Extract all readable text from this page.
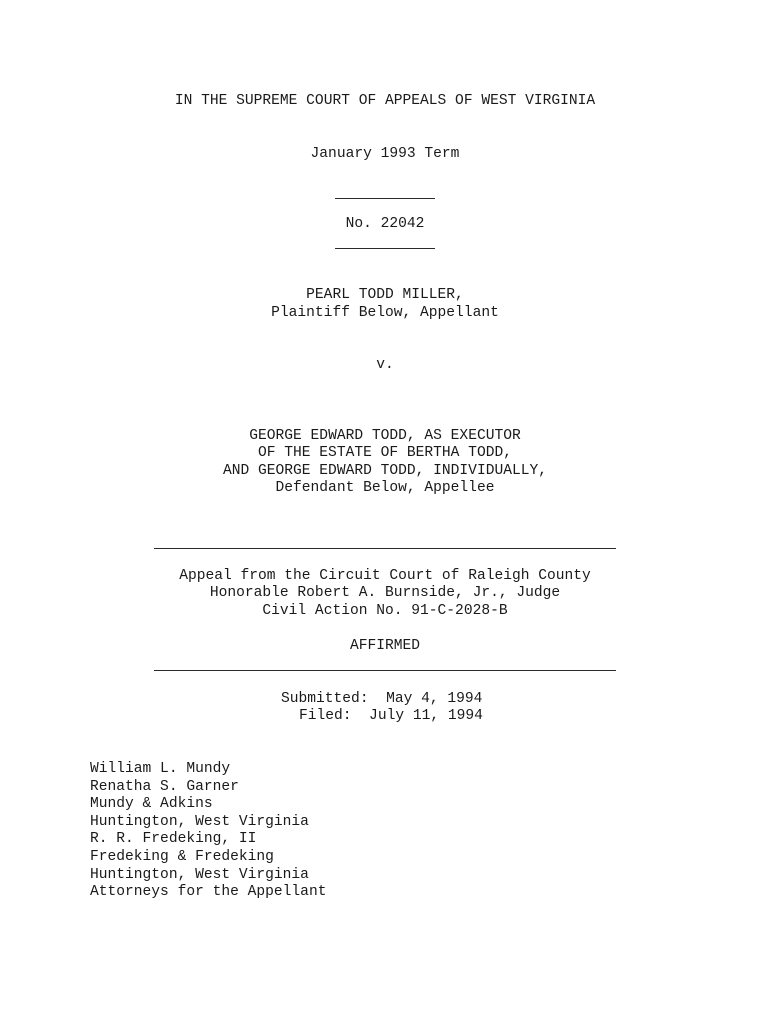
IN THE SUPREME COURT OF APPEALS OF WEST VIRGINIA
January 1993 Term
No. 22042
PEARL TODD MILLER,
Plaintiff Below, Appellant
v.
GEORGE EDWARD TODD, AS EXECUTOR
OF THE ESTATE OF BERTHA TODD,
AND GEORGE EDWARD TODD, INDIVIDUALLY,
Defendant Below, Appellee
Appeal from the Circuit Court of Raleigh County
Honorable Robert A. Burnside, Jr., Judge
Civil Action No. 91-C-2028-B
AFFIRMED
Submitted:  May 4, 1994
Filed:  July 11, 1994
William L. Mundy
Renatha S. Garner
Mundy & Adkins
Huntington, West Virginia
R. R. Fredeking, II
Fredeking & Fredeking
Huntington, West Virginia
Attorneys for the Appellant
